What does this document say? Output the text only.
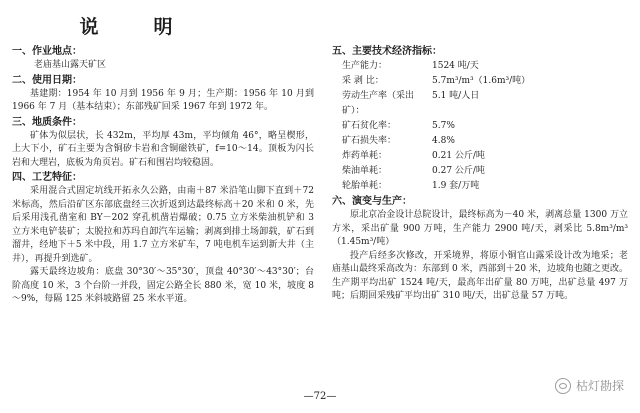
说　明
一、作业地点：
老庙基山露天矿区
二、使用日期：
基建期：1954 年 10 月到 1956 年 9 月；生产期：1956 年 10 月到 1966 年 7 月（基本结束）；东部残矿回采 1967 年到 1972 年。
三、地质条件：
矿体为似层状，长 432m，平均厚 43m，平均倾角 46°，略呈楔形，上大下小，矿石主要为含铜矽卡岩和含铜磁铁矿，f=10～14。顶板为闪长岩和大理岩，底板为角页岩。矿石和围岩均较稳固。
四、工艺特征：
采用混合式固定坑线开拓永久公路，由南＋87 米沿笔山脚下直到＋72 米标高，然后沿矿区东部底盘经三次折返到达最终标高＋20 米和 0 米，先后采用浅孔凿室和 BY－202 穿孔机凿岩爆破；0.75 立方米柴油机铲和 3 立方米电铲装矿；太脱拉和苏玛自卸汽车运输；剥离到排土场卸载，矿石到溜井，经地下＋5 米中段，用 1.7 立方米矿车，7 吨电机车运到新大井（主井），再提升到选矿。
露天最终边坡角：底盘 30°30′～35°30′，顶盘 40°30′～43°30′；台阶高度 10 米，3 个台阶一并段，固定公路全长 880 米，宽 10 米，坡度 8～9%，每隔 125 米斜坡路留 25 米水平道。
五、主要技术经济指标：
生产能力：	1524 吨/天
采 剥 比：	5.7m³/m³（1.6m³/吨）
劳动生产率（采出矿）：
5.1 吨/人日
矿石贫化率：	5.7%
矿石损失率：	4.8%
炸药单耗：	0.21 公斤/吨
柴油单耗：	0.27 公斤/吨
轮胎单耗：	1.9 套/万吨
六、演变与生产：
原北京冶金设计总院设计，最终标高为－40 米，剥离总量 1300 万立方米，采出矿量 900 万吨，生产能力 2900 吨/天，剥采比 5.8m³/m³（1.45m³/吨）
投产后经多次修改，开采境界，将原小铜官山露采设计改为地采；老庙基山最终采高改为：东部到 0 米，西部到＋20 米，边坡角也随之更改。生产期平均出矿 1524 吨/天，最高年出矿量 80 万吨，出矿总量 497 万吨；后期回采残矿平均出矿 310 吨/天，出矿总量 57 万吨。
枯灯勘探
—72—
